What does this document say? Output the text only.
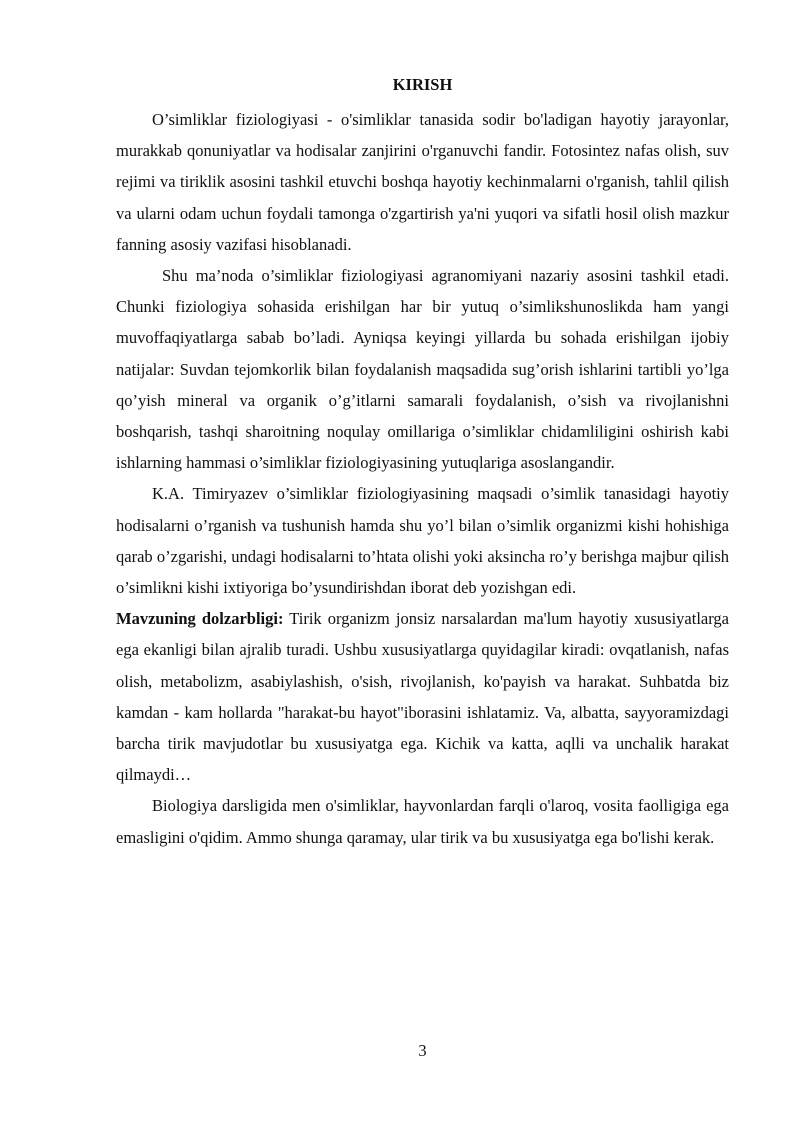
KIRISH

O’simliklar fiziologiyasi - o'simliklar tanasida sodir bo'ladigan hayotiy jarayonlar, murakkab qonuniyatlar va hodisalar zanjirini o'rganuvchi fandir. Fotosintez nafas olish, suv rejimi va tiriklik asosini tashkil etuvchi boshqa hayotiy kechinmalarni o'rganish, tahlil qilish va ularni odam uchun foydali tamonga o'zgartirish ya'ni yuqori va sifatli hosil olish mazkur fanning asosiy vazifasi hisoblanadi.

Shu ma’noda o’simliklar fiziologiyasi agranomiyani nazariy asosini tashkil etadi. Chunki fiziologiya sohasida erishilgan har bir yutuq o’simlikshunoslikda ham yangi muvoffaqiyatlarga sabab bo’ladi. Ayniqsa keyingi yillarda bu sohada erishilgan ijobiy natijalar: Suvdan tejomkorlik bilan foydalanish maqsadida sug’orish ishlarini tartibli yo’lga qo’yish mineral va organik o’g’itlarni samarali foydalanish, o’sish va rivojlanishni boshqarish, tashqi sharoitning noqulay omillariga o’simliklar chidamliligini oshirish kabi ishlarning hammasi o’simliklar fiziologiyasining yutuqlariga asoslangandir.

K.A. Timiryazev o’simliklar fiziologiyasining maqsadi o’simlik tanasidagi hayotiy hodisalarni o’rganish va tushunish hamda shu yo’l bilan o’simlik organizmi kishi hohishiga qarab o’zgarishi, undagi hodisalarni to’htata olishi yoki aksincha ro’y berishga majbur qilish o’simlikni kishi ixtiyoriga bo’ysundirishdan iborat deb yozishgan edi.

Mavzuning dolzarbligi: Tirik organizm jonsiz narsalardan ma'lum hayotiy xususiyatlarga ega ekanligi bilan ajralib turadi. Ushbu xususiyatlarga quyidagilar kiradi: ovqatlanish, nafas olish, metabolizm, asabiylashish, o'sish, rivojlanish, ko'payish va harakat. Suhbatda biz kamdan - kam hollarda "harakat-bu hayot"iborasini ishlatamiz. Va, albatta, sayyoramizdagi barcha tirik mavjudotlar bu xususiyatga ega. Kichik va katta, aqlli va unchalik harakat qilmaydi…

Biologiya darsligida men o'simliklar, hayvonlardan farqli o'laroq, vosita faolligiga ega emasligini o'qidim. Ammo shunga qaramay, ular tirik va bu xususiyatga ega bo'lishi kerak.

3
